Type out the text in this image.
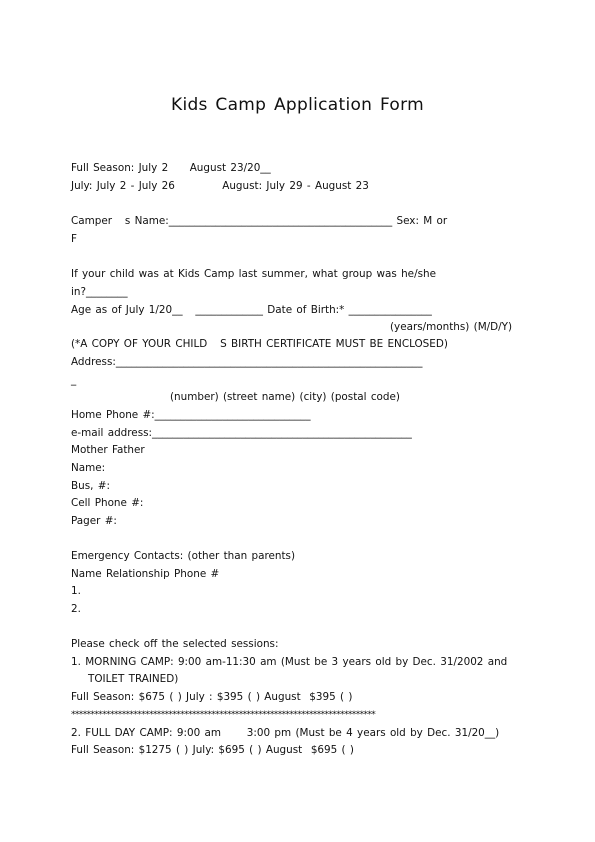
Kids Camp Application Form
Full Season: July 2     August 23/20__
July: July 2 - July 26           August: July 29 - August 23
Camper   s Name:___________________________________________ Sex: M or
F
If your child was at Kids Camp last summer, what group was he/she
in?________
Age as of July 1/20__   _____________ Date of Birth:* ________________
(years/months) (M/D/Y)
(*A COPY OF YOUR CHILD   S BIRTH CERTIFICATE MUST BE ENCLOSED)
Address:___________________________________________________________
_
(number) (street name) (city) (postal code)
Home Phone #:______________________________
e-mail address:__________________________________________________
Mother Father
Name:
Bus, #:
Cell Phone #:
Pager #:
Emergency Contacts: (other than parents)
Name Relationship Phone #
1.
2.
Please check off the selected sessions:
1. MORNING CAMP: 9:00 am-11:30 am (Must be 3 years old by Dec. 31/2002 and
TOILET TRAINED)
Full Season: $675 ( ) July : $395 ( ) August  $395 ( )
******************************************************************************
2. FULL DAY CAMP: 9:00 am      3:00 pm (Must be 4 years old by Dec. 31/20__)
Full Season: $1275 ( ) July: $695 ( ) August  $695 ( )
